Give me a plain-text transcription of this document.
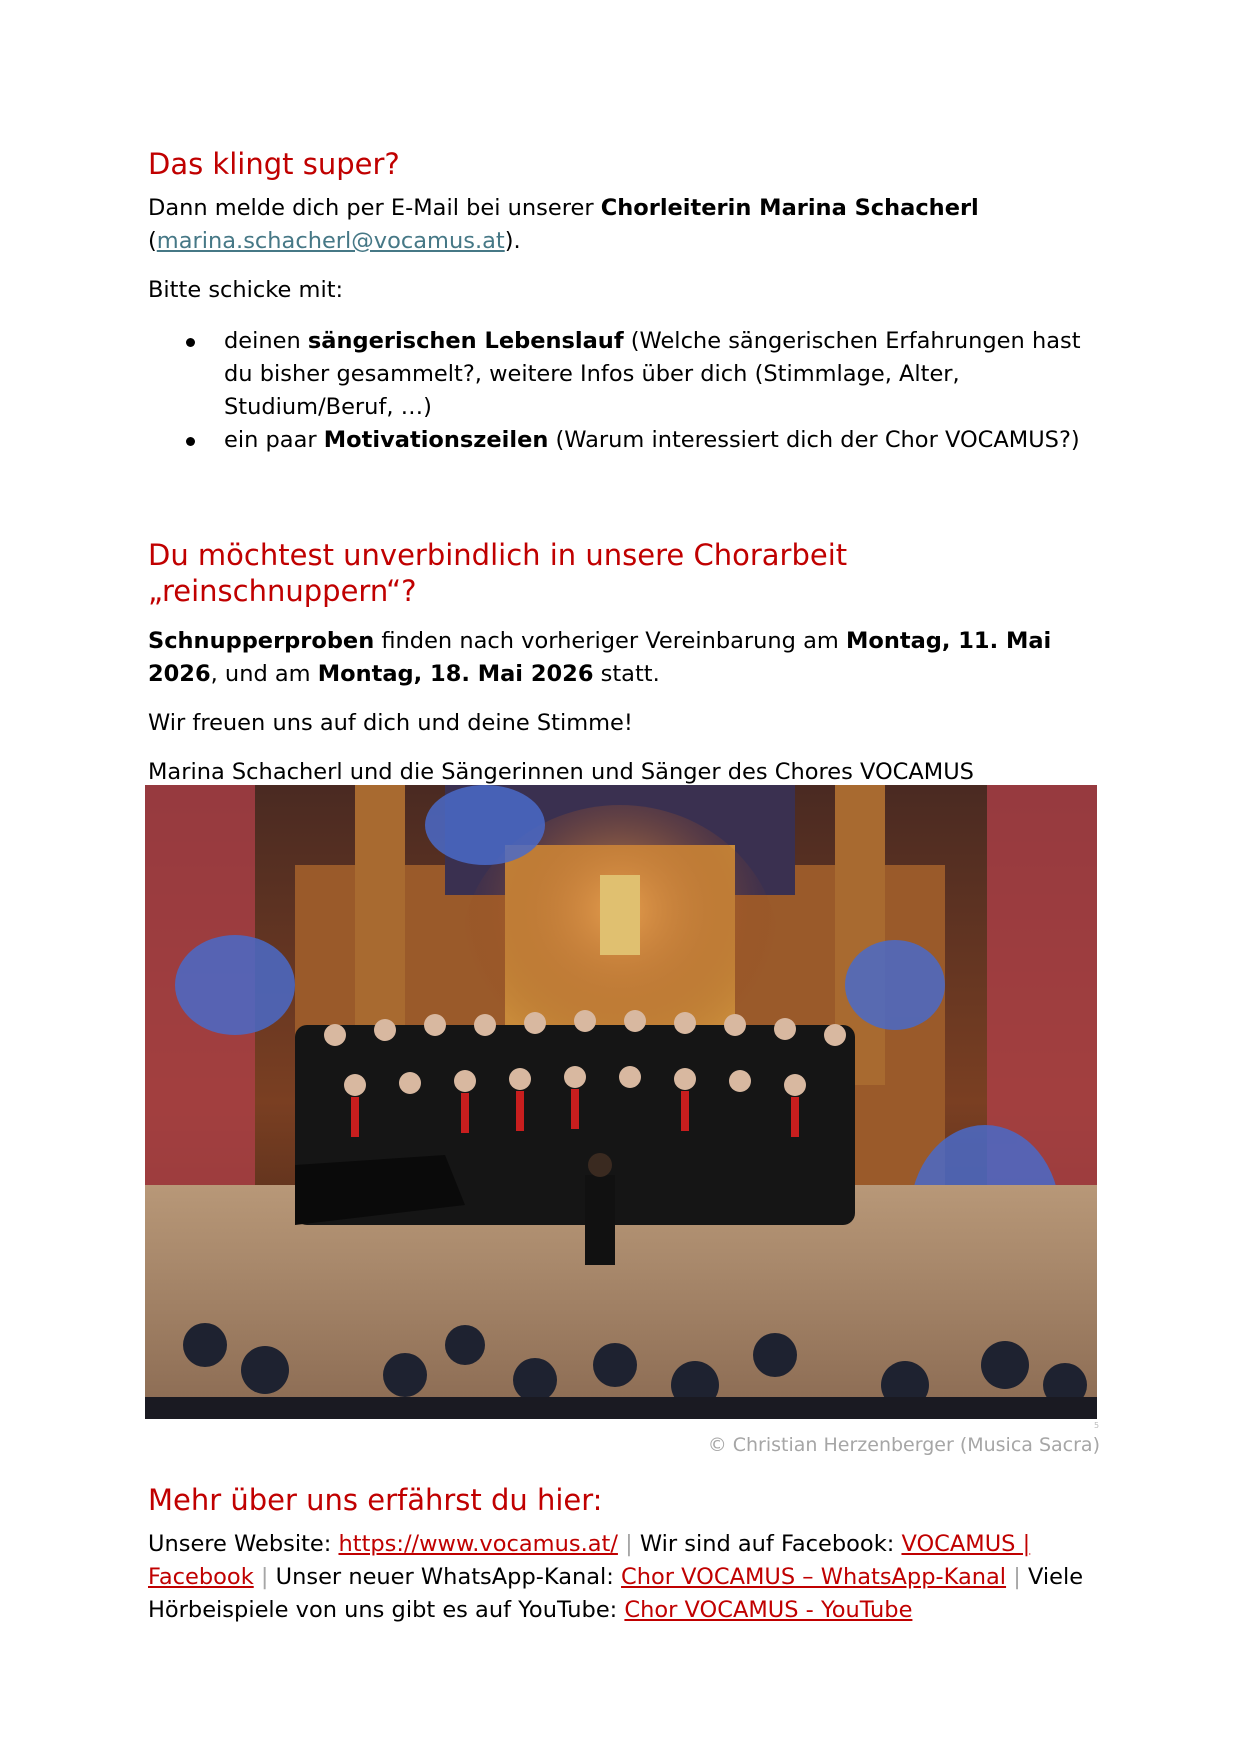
Das klingt super?

Dann melde dich per E-Mail bei unserer Chorleiterin Marina Schacherl
(marina.schacherl@vocamus.at).

Bitte schicke mit:

deinen sängerischen Lebenslauf (Welche sängerischen Erfahrungen hast du bisher gesammelt?, weitere Infos über dich (Stimmlage, Alter, Studium/Beruf, …)
ein paar Motivationszeilen (Warum interessiert dich der Chor VOCAMUS?)
Du möchtest unverbindlich in unsere Chorarbeit „reinschnuppern“?

Schnupperproben finden nach vorheriger Vereinbarung am Montag, 11. Mai 2026, und am Montag, 18. Mai 2026 statt.

Wir freuen uns auf dich und deine Stimme!

Marina Schacherl und die Sängerinnen und Sänger des Chores VOCAMUS

5
© Christian Herzenberger (Musica Sacra)
Mehr über uns erfährst du hier:

Unsere Website: https://www.vocamus.at/ | Wir sind auf Facebook: VOCAMUS | Facebook | Unser neuer WhatsApp-Kanal: Chor VOCAMUS – WhatsApp-Kanal | Viele Hörbeispiele von uns gibt es auf YouTube: Chor VOCAMUS - YouTube
